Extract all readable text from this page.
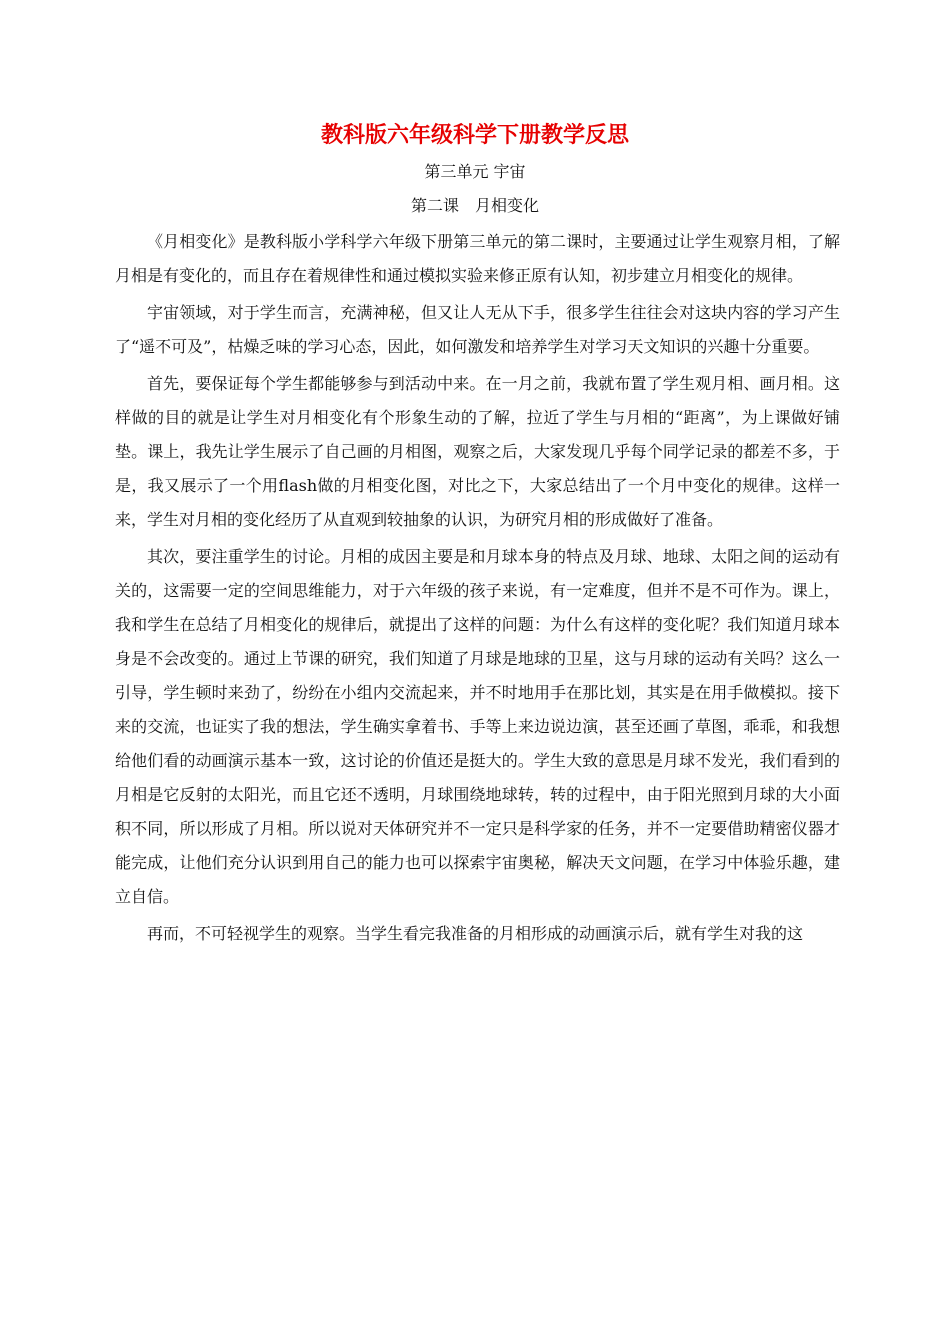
教科版六年级科学下册教学反思
第三单元 宇宙
第二课　月相变化

《月相变化》是教科版小学科学六年级下册第三单元的第二课时，主要通过让学生观察月相，了解月相是有变化的，而且存在着规律性和通过模拟实验来修正原有认知，初步建立月相变化的规律。

宇宙领域，对于学生而言，充满神秘，但又让人无从下手，很多学生往往会对这块内容的学习产生了“遥不可及”，枯燥乏味的学习心态，因此，如何激发和培养学生对学习天文知识的兴趣十分重要。

首先，要保证每个学生都能够参与到活动中来。在一月之前，我就布置了学生观月相、画月相。这样做的目的就是让学生对月相变化有个形象生动的了解，拉近了学生与月相的“距离”，为上课做好铺垫。课上，我先让学生展示了自己画的月相图，观察之后，大家发现几乎每个同学记录的都差不多，于是，我又展示了一个用flash做的月相变化图，对比之下，大家总结出了一个月中变化的规律。这样一来，学生对月相的变化经历了从直观到较抽象的认识，为研究月相的形成做好了准备。

其次，要注重学生的讨论。月相的成因主要是和月球本身的特点及月球、地球、太阳之间的运动有关的，这需要一定的空间思维能力，对于六年级的孩子来说，有一定难度，但并不是不可作为。课上，我和学生在总结了月相变化的规律后，就提出了这样的问题：为什么有这样的变化呢？我们知道月球本身是不会改变的。通过上节课的研究，我们知道了月球是地球的卫星，这与月球的运动有关吗？这么一引导，学生顿时来劲了，纷纷在小组内交流起来，并不时地用手在那比划，其实是在用手做模拟。接下来的交流，也证实了我的想法，学生确实拿着书、手等上来边说边演，甚至还画了草图，乖乖，和我想给他们看的动画演示基本一致，这讨论的价值还是挺大的。学生大致的意思是月球不发光，我们看到的月相是它反射的太阳光，而且它还不透明，月球围绕地球转，转的过程中，由于阳光照到月球的大小面积不同，所以形成了月相。所以说对天体研究并不一定只是科学家的任务，并不一定要借助精密仪器才能完成，让他们充分认识到用自己的能力也可以探索宇宙奥秘，解决天文问题，在学习中体验乐趣，建立自信。

再而，不可轻视学生的观察。当学生看完我准备的月相形成的动画演示后，就有学生对我的这
